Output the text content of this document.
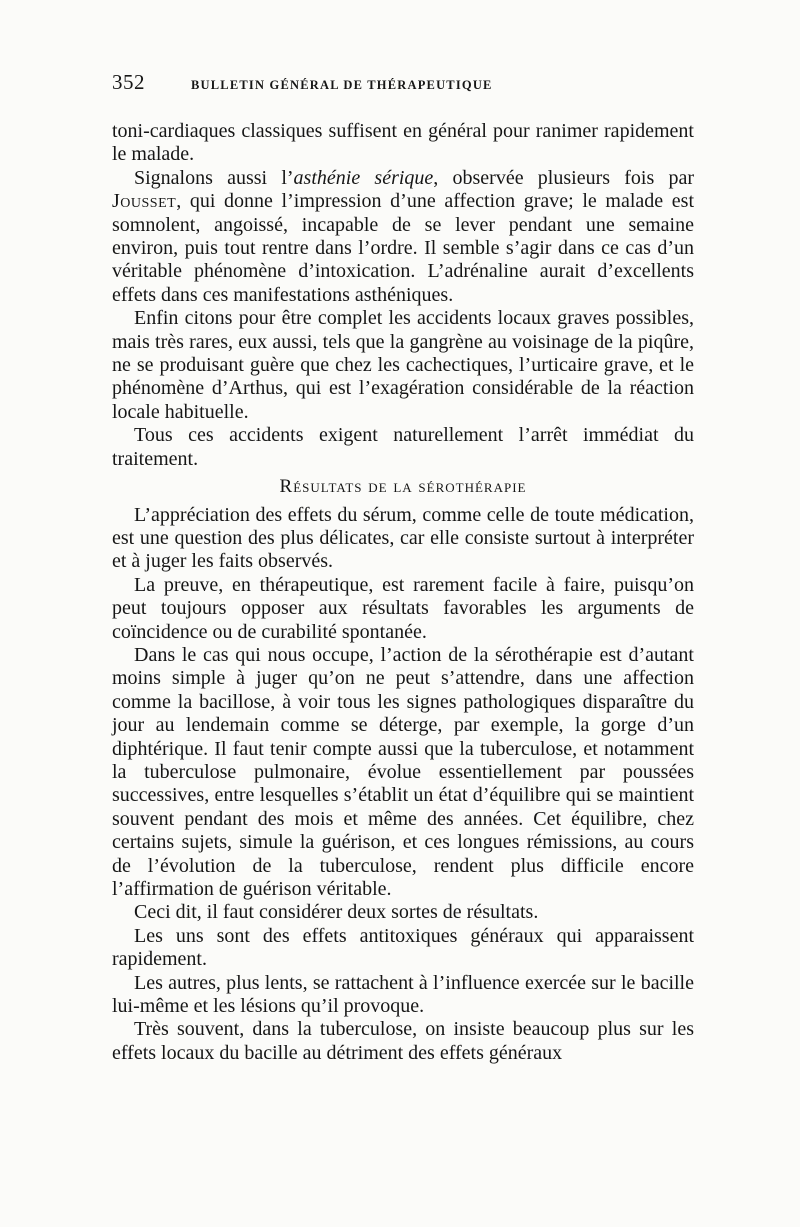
352	BULLETIN GÉNÉRAL DE THÉRAPEUTIQUE

toni-cardiaques classiques suffisent en général pour ranimer rapidement le malade.

Signalons aussi l’asthénie sérique, observée plusieurs fois par Jousset, qui donne l’impression d’une affection grave; le malade est somnolent, angoissé, incapable de se lever pendant une semaine environ, puis tout rentre dans l’ordre. Il semble s’agir dans ce cas d’un véritable phénomène d’intoxication. L’adrénaline aurait d’excellents effets dans ces manifestations asthéniques.

Enfin citons pour être complet les accidents locaux graves possibles, mais très rares, eux aussi, tels que la gangrène au voisinage de la piqûre, ne se produisant guère que chez les cachectiques, l’urticaire grave, et le phénomène d’Arthus, qui est l’exagération considérable de la réaction locale habituelle.

Tous ces accidents exigent naturellement l’arrêt immédiat du traitement.

Résultats de la sérothérapie

L’appréciation des effets du sérum, comme celle de toute médication, est une question des plus délicates, car elle consiste surtout à interpréter et à juger les faits observés.

La preuve, en thérapeutique, est rarement facile à faire, puisqu’on peut toujours opposer aux résultats favorables les arguments de coïncidence ou de curabilité spontanée.

Dans le cas qui nous occupe, l’action de la sérothérapie est d’autant moins simple à juger qu’on ne peut s’attendre, dans une affection comme la bacillose, à voir tous les signes pathologiques disparaître du jour au lendemain comme se déterge, par exemple, la gorge d’un diphtérique. Il faut tenir compte aussi que la tuberculose, et notamment la tuberculose pulmonaire, évolue essentiellement par poussées successives, entre lesquelles s’établit un état d’équilibre qui se maintient souvent pendant des mois et même des années. Cet équilibre, chez certains sujets, simule la guérison, et ces longues rémissions, au cours de l’évolution de la tuberculose, rendent plus difficile encore l’affirmation de guérison véritable.

Ceci dit, il faut considérer deux sortes de résultats.

Les uns sont des effets antitoxiques généraux qui apparaissent rapidement.

Les autres, plus lents, se rattachent à l’influence exercée sur le bacille lui-même et les lésions qu’il provoque.

Très souvent, dans la tuberculose, on insiste beaucoup plus sur les effets locaux du bacille au détriment des effets généraux
